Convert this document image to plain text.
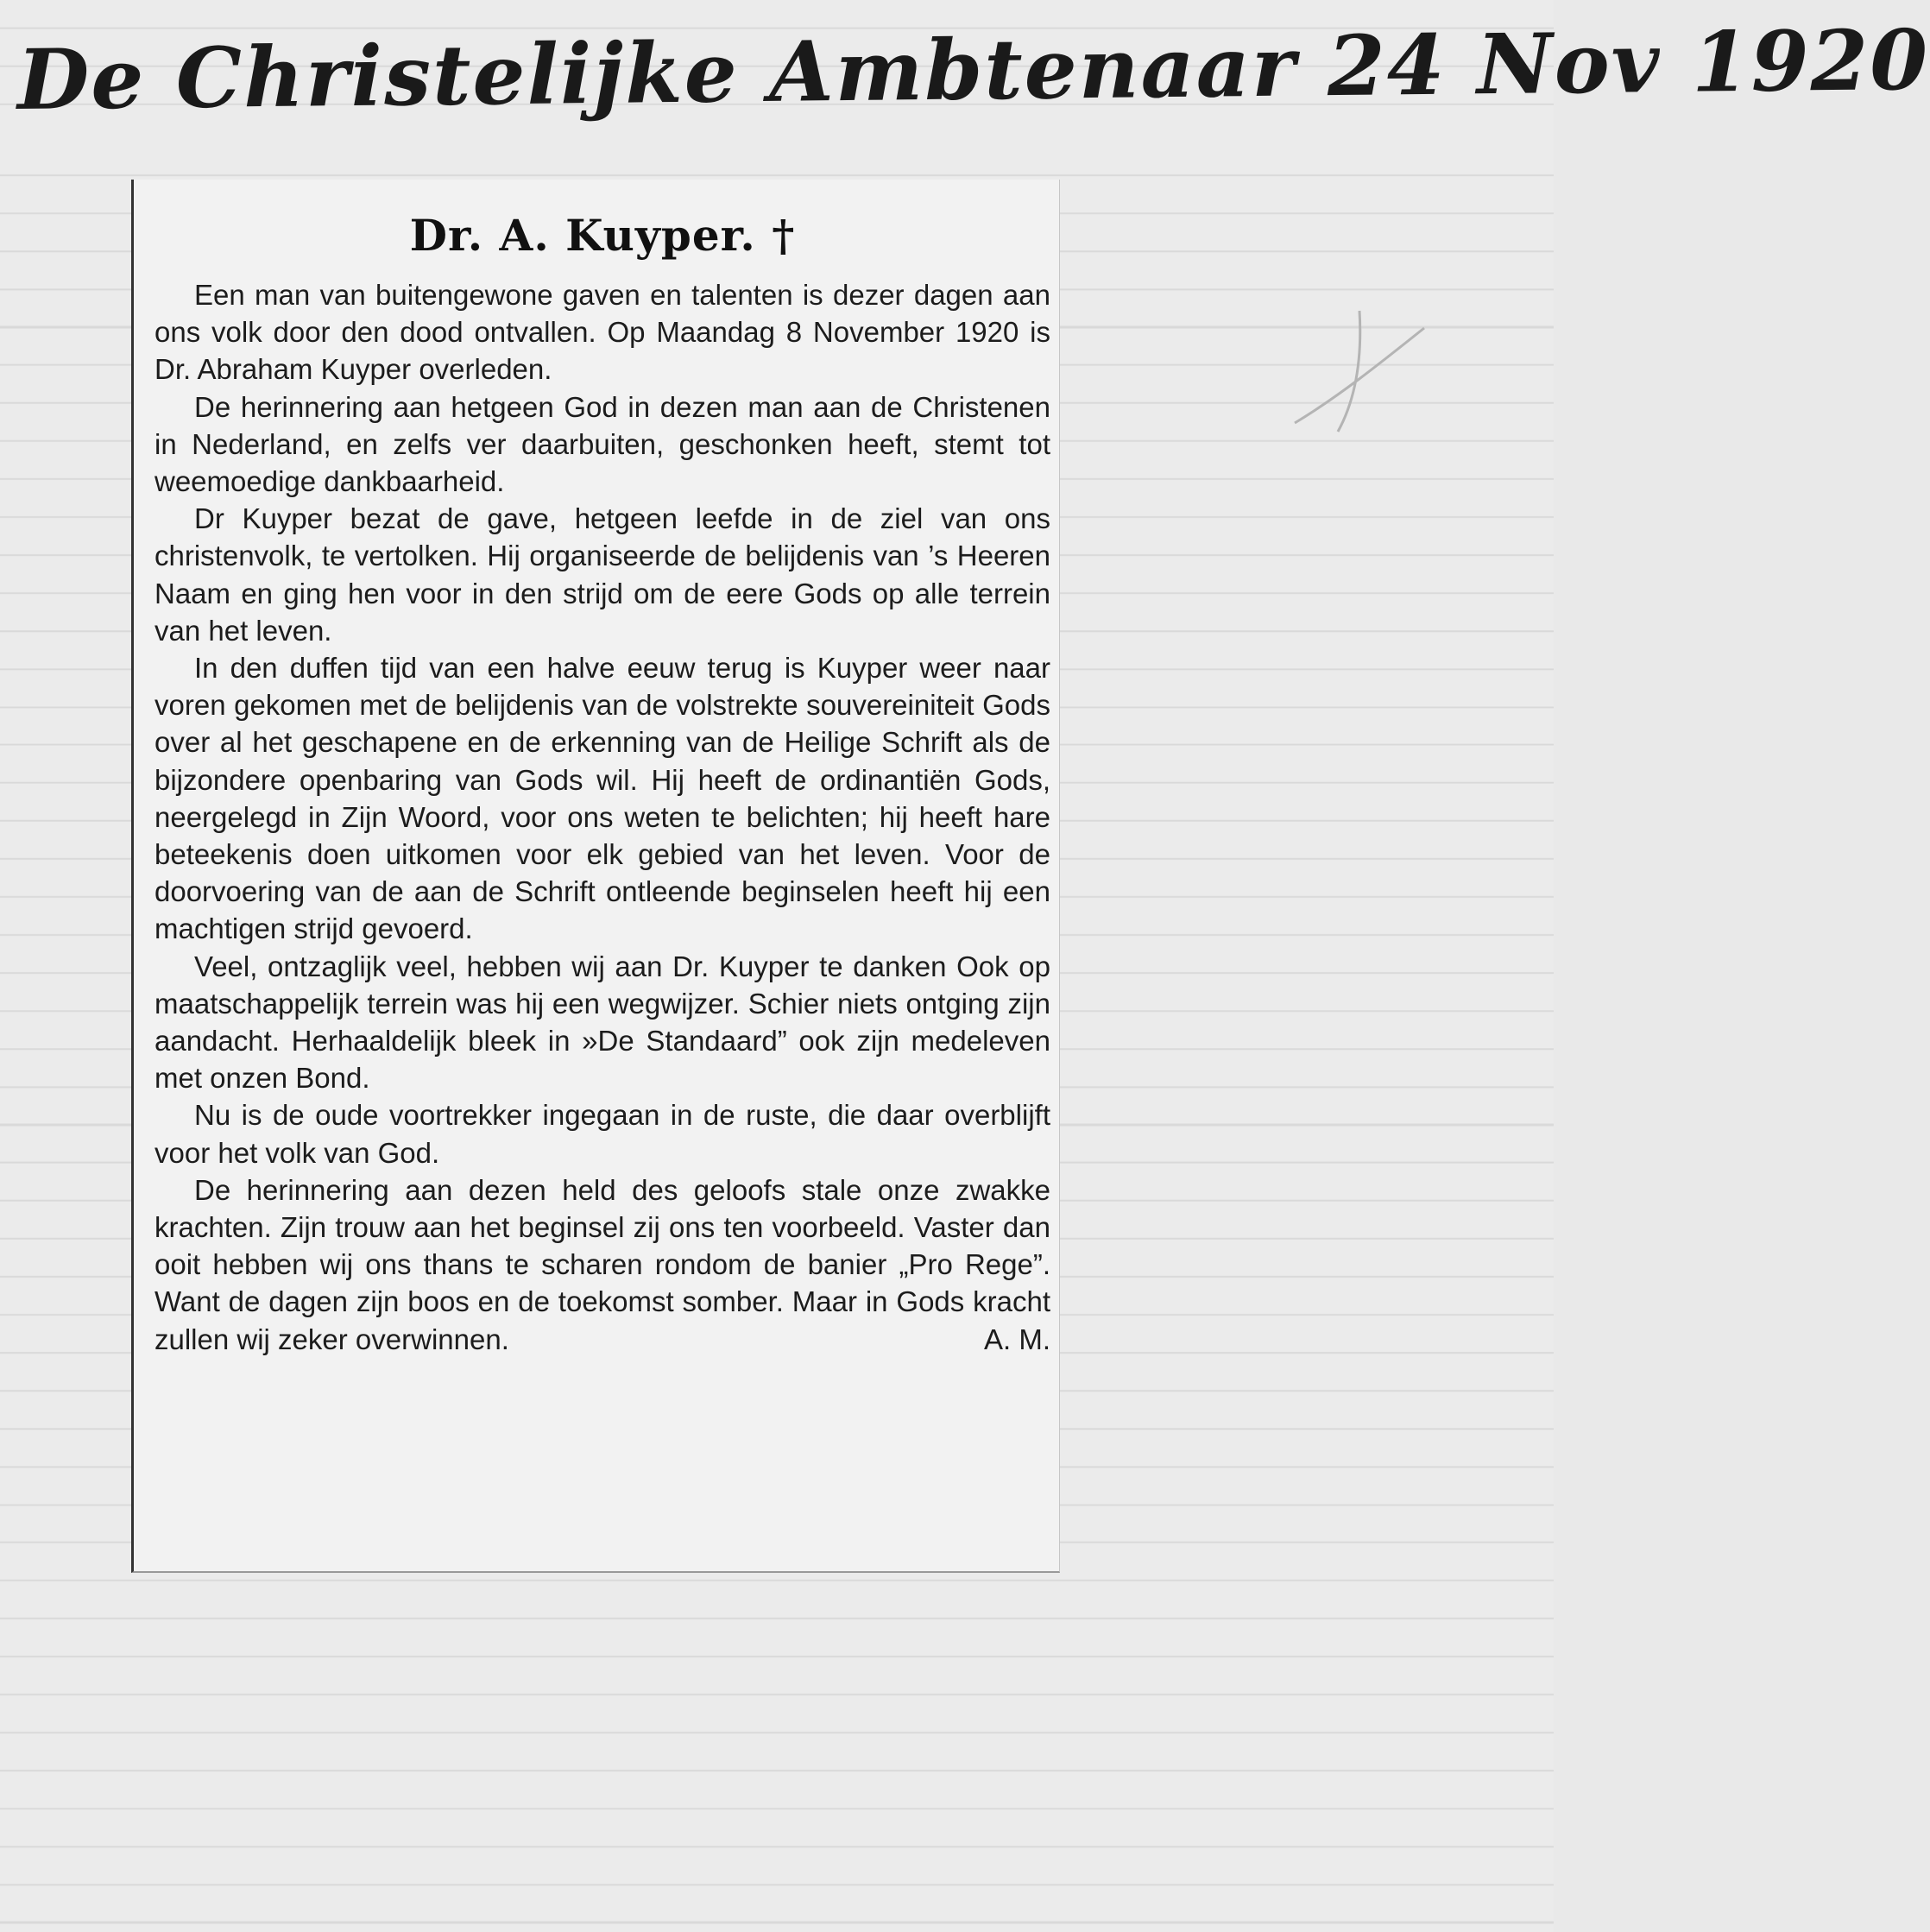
De Christelijke Ambtenaar 24 Nov 1920
Dr. A. Kuyper. †

Een man van buitengewone gaven en talenten is dezer dagen aan ons volk door den dood ontvallen. Op Maandag 8 November 1920 is Dr. Abraham Kuyper overleden.

De herinnering aan hetgeen God in dezen man aan de Christenen in Nederland, en zelfs ver daarbuiten, geschonken heeft, stemt tot weemoedige dankbaarheid.

Dr Kuyper bezat de gave, hetgeen leefde in de ziel van ons christenvolk, te vertolken. Hij organiseerde de belijdenis van ’s Heeren Naam en ging hen voor in den strijd om de eere Gods op alle terrein van het leven.

In den duffen tijd van een halve eeuw terug is Kuyper weer naar voren gekomen met de belijdenis van de volstrekte souvereiniteit Gods over al het geschapene en de erkenning van de Heilige Schrift als de bijzondere openbaring van Gods wil. Hij heeft de ordinantiën Gods, neergelegd in Zijn Woord, voor ons weten te belichten; hij heeft hare beteekenis doen uitkomen voor elk gebied van het leven. Voor de doorvoering van de aan de Schrift ontleende beginselen heeft hij een machtigen strijd gevoerd.

Veel, ontzaglijk veel, hebben wij aan Dr. Kuyper te danken Ook op maatschappelijk terrein was hij een wegwijzer. Schier niets ontging zijn aandacht. Herhaaldelijk bleek in »De Standaard” ook zijn medeleven met onzen Bond.

Nu is de oude voortrekker ingegaan in de ruste, die daar overblijft voor het volk van God.

De herinnering aan dezen held des geloofs stale onze zwakke krachten. Zijn trouw aan het beginsel zij ons ten voorbeeld. Vaster dan ooit hebben wij ons thans te scharen rondom de banier „Pro Rege”. Want de dagen zijn boos en de toekomst somber. Maar in Gods kracht zullen wij zeker overwinnen.	A. M.
